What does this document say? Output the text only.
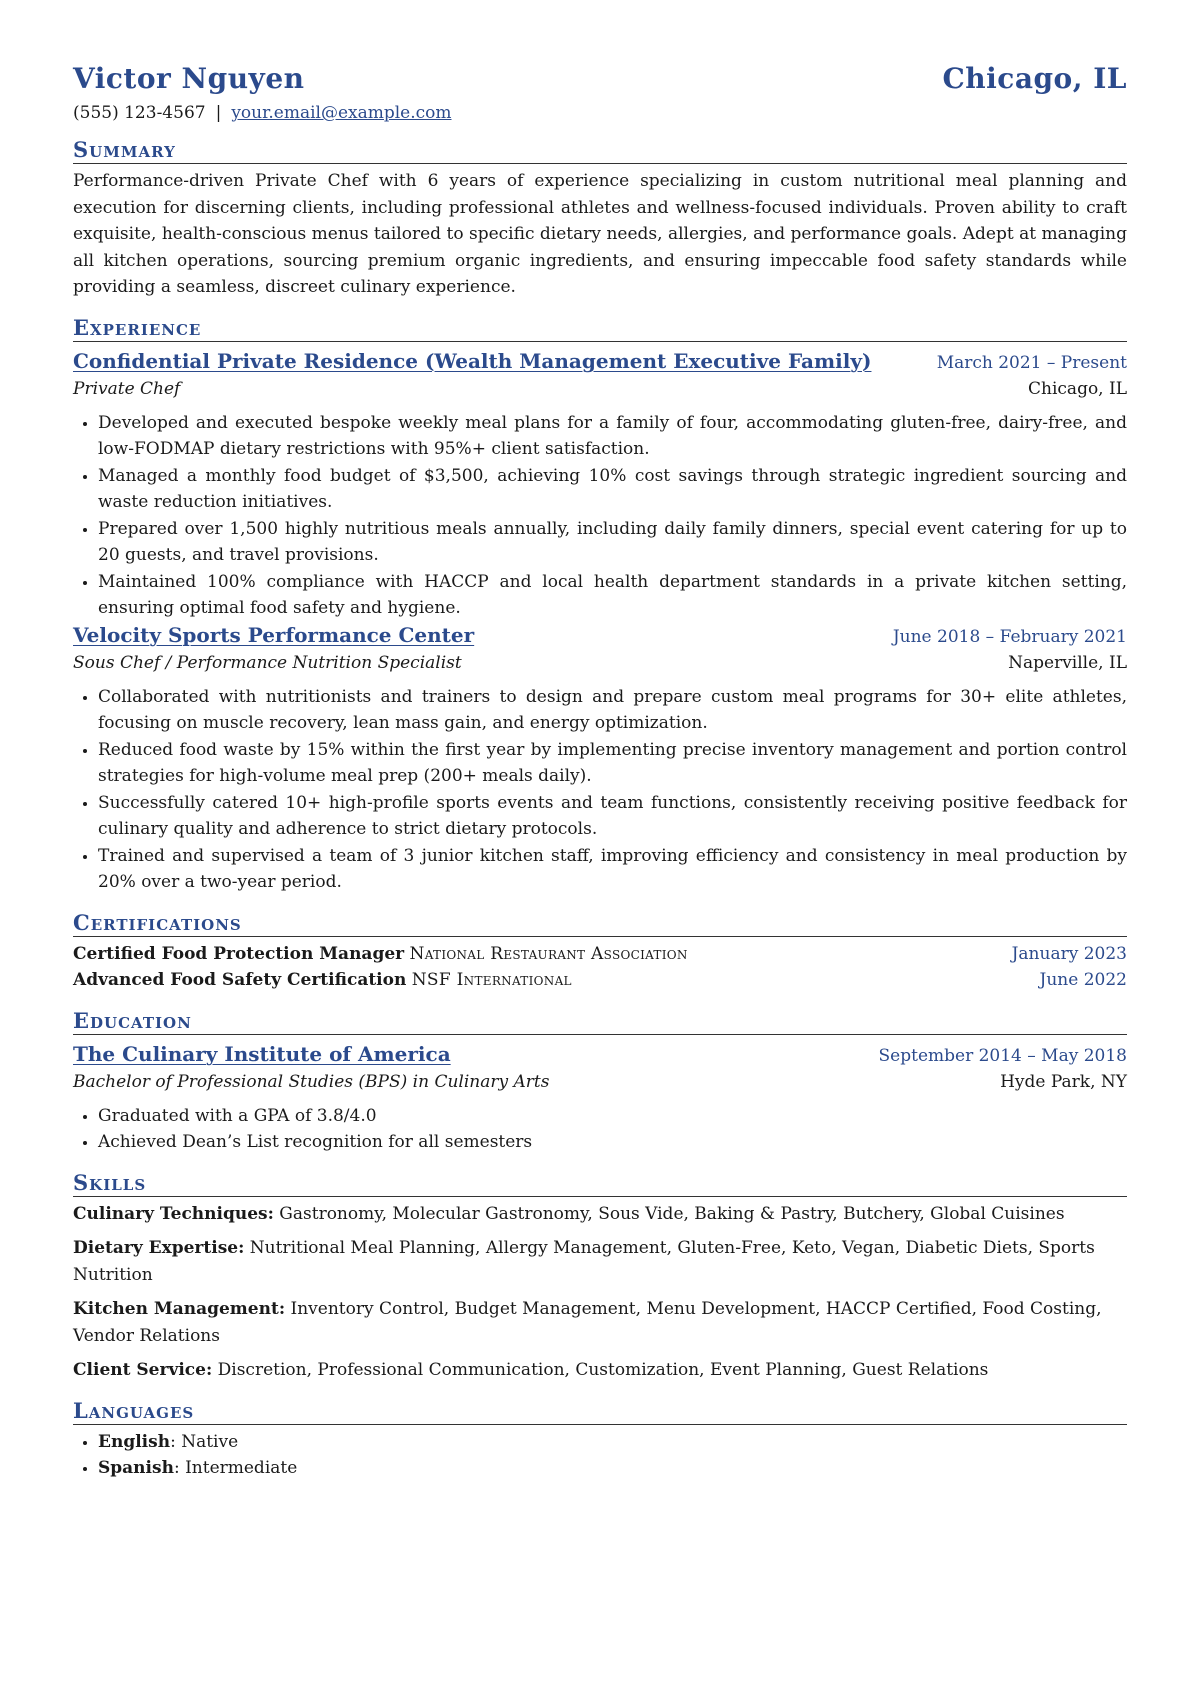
Victor Nguyen	Chicago, IL
(555) 123-4567 | your.email@example.com
Summary
Performance-driven Private Chef with 6 years of experience specializing in custom nutritional meal planning and execution for discerning clients, including professional athletes and wellness-focused individuals. Proven ability to craft exquisite, health-conscious menus tailored to specific dietary needs, allergies, and performance goals. Adept at managing all kitchen operations, sourcing premium organic ingredients, and ensuring impeccable food safety standards while providing a seamless, discreet culinary experience.
Experience
Confidential Private Residence (Wealth Management Executive Family)	March 2021 – Present
Private Chef	Chicago, IL
• Developed and executed bespoke weekly meal plans for a family of four, accommodating gluten-free, dairy-free, and low-FODMAP dietary restrictions with 95%+ client satisfaction.
• Managed a monthly food budget of $3,500, achieving 10% cost savings through strategic ingredient sourcing and waste reduction initiatives.
• Prepared over 1,500 highly nutritious meals annually, including daily family dinners, special event catering for up to 20 guests, and travel provisions.
• Maintained 100% compliance with HACCP and local health department standards in a private kitchen setting, ensuring optimal food safety and hygiene.
Velocity Sports Performance Center	June 2018 – February 2021
Sous Chef / Performance Nutrition Specialist	Naperville, IL
• Collaborated with nutritionists and trainers to design and prepare custom meal programs for 30+ elite athletes, focusing on muscle recovery, lean mass gain, and energy optimization.
• Reduced food waste by 15% within the first year by implementing precise inventory management and portion control strategies for high-volume meal prep (200+ meals daily).
• Successfully catered 10+ high-profile sports events and team functions, consistently receiving positive feedback for culinary quality and adherence to strict dietary protocols.
• Trained and supervised a team of 3 junior kitchen staff, improving efficiency and consistency in meal production by 20% over a two-year period.
Certifications
Certified Food Protection Manager National Restaurant Association	January 2023
Advanced Food Safety Certification NSF International	June 2022
Education
The Culinary Institute of America	September 2014 – May 2018
Bachelor of Professional Studies (BPS) in Culinary Arts	Hyde Park, NY
• Graduated with a GPA of 3.8/4.0
• Achieved Dean’s List recognition for all semesters
Skills
Culinary Techniques: Gastronomy, Molecular Gastronomy, Sous Vide, Baking & Pastry, Butchery, Global Cuisines
Dietary Expertise: Nutritional Meal Planning, Allergy Management, Gluten-Free, Keto, Vegan, Diabetic Diets, Sports Nutrition
Kitchen Management: Inventory Control, Budget Management, Menu Development, HACCP Certified, Food Costing, Vendor Relations
Client Service: Discretion, Professional Communication, Customization, Event Planning, Guest Relations
Languages
• English: Native
• Spanish: Intermediate
